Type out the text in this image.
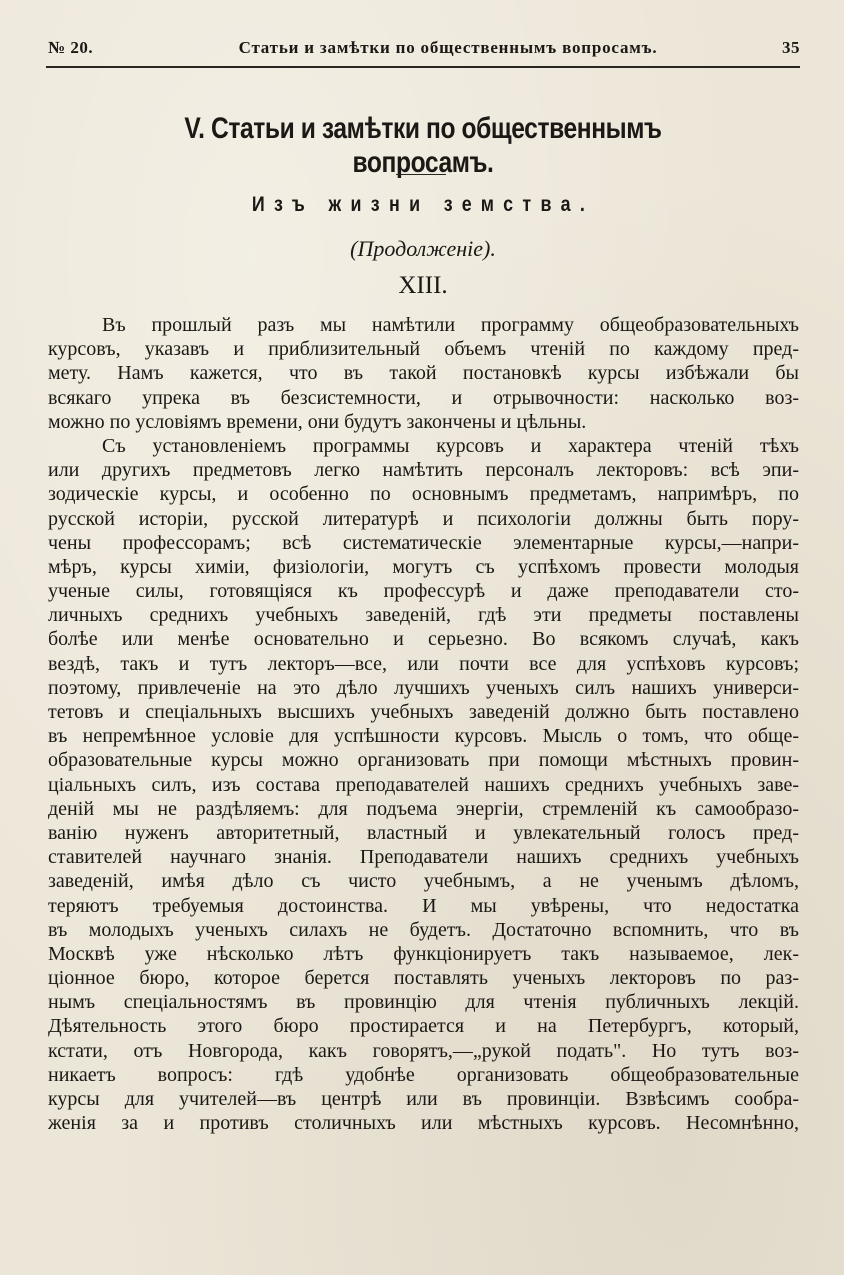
№ 20.	Статьи и замѣтки по общественнымъ вопросамъ.	35
V. Статьи и замѣтки по общественнымъ вопросамъ.
Изъ жизни земства.
(Продолженіе).
XIII.
Въ прошлый разъ мы намѣтили программу общеобразовательныхъ
курсовъ, указавъ и приблизительный объемъ чтеній по каждому пред-
мету. Намъ кажется, что въ такой постановкѣ курсы избѣжали бы
всякаго упрека въ безсистемности, и отрывочности: насколько воз-
можно по условіямъ времени, они будутъ закончены и цѣльны.
Съ установленіемъ программы курсовъ и характера чтеній тѣхъ
или другихъ предметовъ легко намѣтить персоналъ лекторовъ: всѣ эпи-
зодическіе курсы, и особенно по основнымъ предметамъ, напримѣръ, по
русской исторіи, русской литературѣ и психологіи должны быть пору-
чены профессорамъ; всѣ систематическіе элементарные курсы,—напри-
мѣръ, курсы химіи, физіологіи, могутъ съ успѣхомъ провести молодыя
ученые силы, готовящіяся къ профессурѣ и даже преподаватели сто-
личныхъ среднихъ учебныхъ заведеній, гдѣ эти предметы поставлены
болѣе или менѣе основательно и серьезно. Во всякомъ случаѣ, какъ
вездѣ, такъ и тутъ лекторъ—все, или почти все для успѣховъ курсовъ;
поэтому, привлеченіе на это дѣло лучшихъ ученыхъ силъ нашихъ универси-
тетовъ и спеціальныхъ высшихъ учебныхъ заведеній должно быть поставлено
въ непремѣнное условіе для успѣшности курсовъ. Мысль о томъ, что обще-
образовательные курсы можно организовать при помощи мѣстныхъ провин-
ціальныхъ силъ, изъ состава преподавателей нашихъ среднихъ учебныхъ заве-
деній мы не раздѣляемъ: для подъема энергіи, стремленій къ самообразо-
ванію нуженъ авторитетный, властный и увлекательный голосъ пред-
ставителей научнаго знанія. Преподаватели нашихъ среднихъ учебныхъ
заведеній, имѣя дѣло съ чисто учебнымъ, а не ученымъ дѣломъ,
теряютъ требуемыя достоинства. И мы увѣрены, что недостатка
въ молодыхъ ученыхъ силахъ не будетъ. Достаточно вспомнить, что въ
Москвѣ уже нѣсколько лѣтъ функціонируетъ такъ называемое, лек-
ціонное бюро, которое берется поставлять ученыхъ лекторовъ по раз-
нымъ спеціальностямъ въ провинцію для чтенія публичныхъ лекцій.
Дѣятельность этого бюро простирается и на Петербургъ, который,
кстати, отъ Новгорода, какъ говорятъ,—„рукой подать". Но тутъ воз-
никаетъ вопросъ: гдѣ удобнѣе организовать общеобразовательные
курсы для учителей—въ центрѣ или въ провинціи. Взвѣсимъ сообра-
женія за и противъ столичныхъ или мѣстныхъ курсовъ. Несомнѣнно,
